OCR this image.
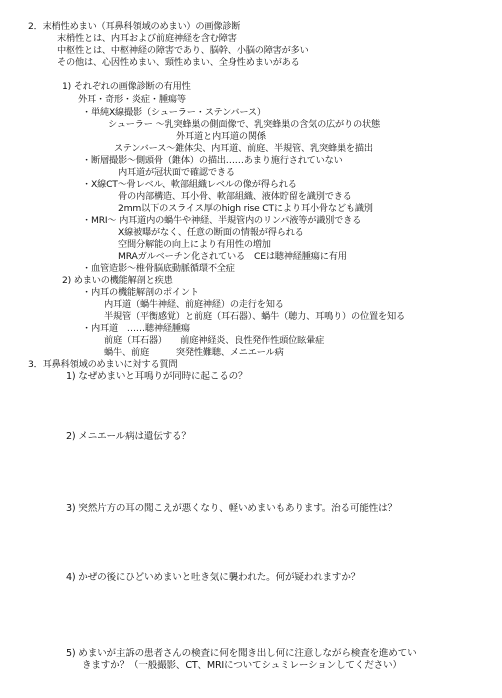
2．末梢性めまい（耳鼻科領域のめまい）の画像診断
末梢性とは、内耳および前庭神経を含む障害
中枢性とは、中枢神経の障害であり、脳幹、小脳の障害が多い
その他は、心因性めまい、頸性めまい、全身性めまいがある
1) それぞれの画像診断の有用性
外耳・奇形・炎症・腫瘍等
・単純X線撮影（シューラー・ステンバース）
シューラー ～乳突蜂巣の側面像で、乳突蜂巣の含気の広がりの状態
外耳道と内耳道の関係
ステンバース～錐体尖、内耳道、前庭、半規管、乳突蜂巣を描出
・断層撮影～側頭骨（錐体）の描出……あまり施行されていない
内耳道が冠状面で確認できる
・X線CT～骨レベル、軟部組織レベルの像が得られる
骨の内部構造、耳小骨、軟部組織、液体貯留を識別できる
2mm以下のスライス厚のhigh rise CTにより耳小骨なども識別
・MRI～ 内耳道内の蝸牛や神経、半規管内のリンパ液等が識別できる
X線被曝がなく、任意の断面の情報が得られる
空間分解能の向上により有用性の増加
MRAガルベーチン化されている　CEは聴神経腫瘍に有用
・血管造影～椎骨脳底動脈循環不全症
2) めまいの機能解剖と疾患
・内耳の機能解剖のポイント
内耳道（蝸牛神経、前庭神経）の走行を知る
半規管（平衡感覚）と前庭（耳石器）、蝸牛（聴力、耳鳴り）の位置を知る
・内耳道　……聴神経腫瘍
前庭（耳石器）　　前庭神経炎、良性発作性頭位眩暈症
蝸牛、前庭　　　突発性難聴、メニエール病
3．耳鼻科領域のめまいに対する質問
1) なぜめまいと耳鳴りが同時に起こるの？
2) メニエール病は遺伝する？
3) 突然片方の耳の聞こえが悪くなり、軽いめまいもあります。治る可能性は？
4) かぜの後にひどいめまいと吐き気に襲われた。何が疑われますか？
5) めまいが主訴の患者さんの検査に何を聞き出し何に注意しながら検査を進めてい
きますか？（一般撮影、CT、MRIについてシュミレーションしてください）
